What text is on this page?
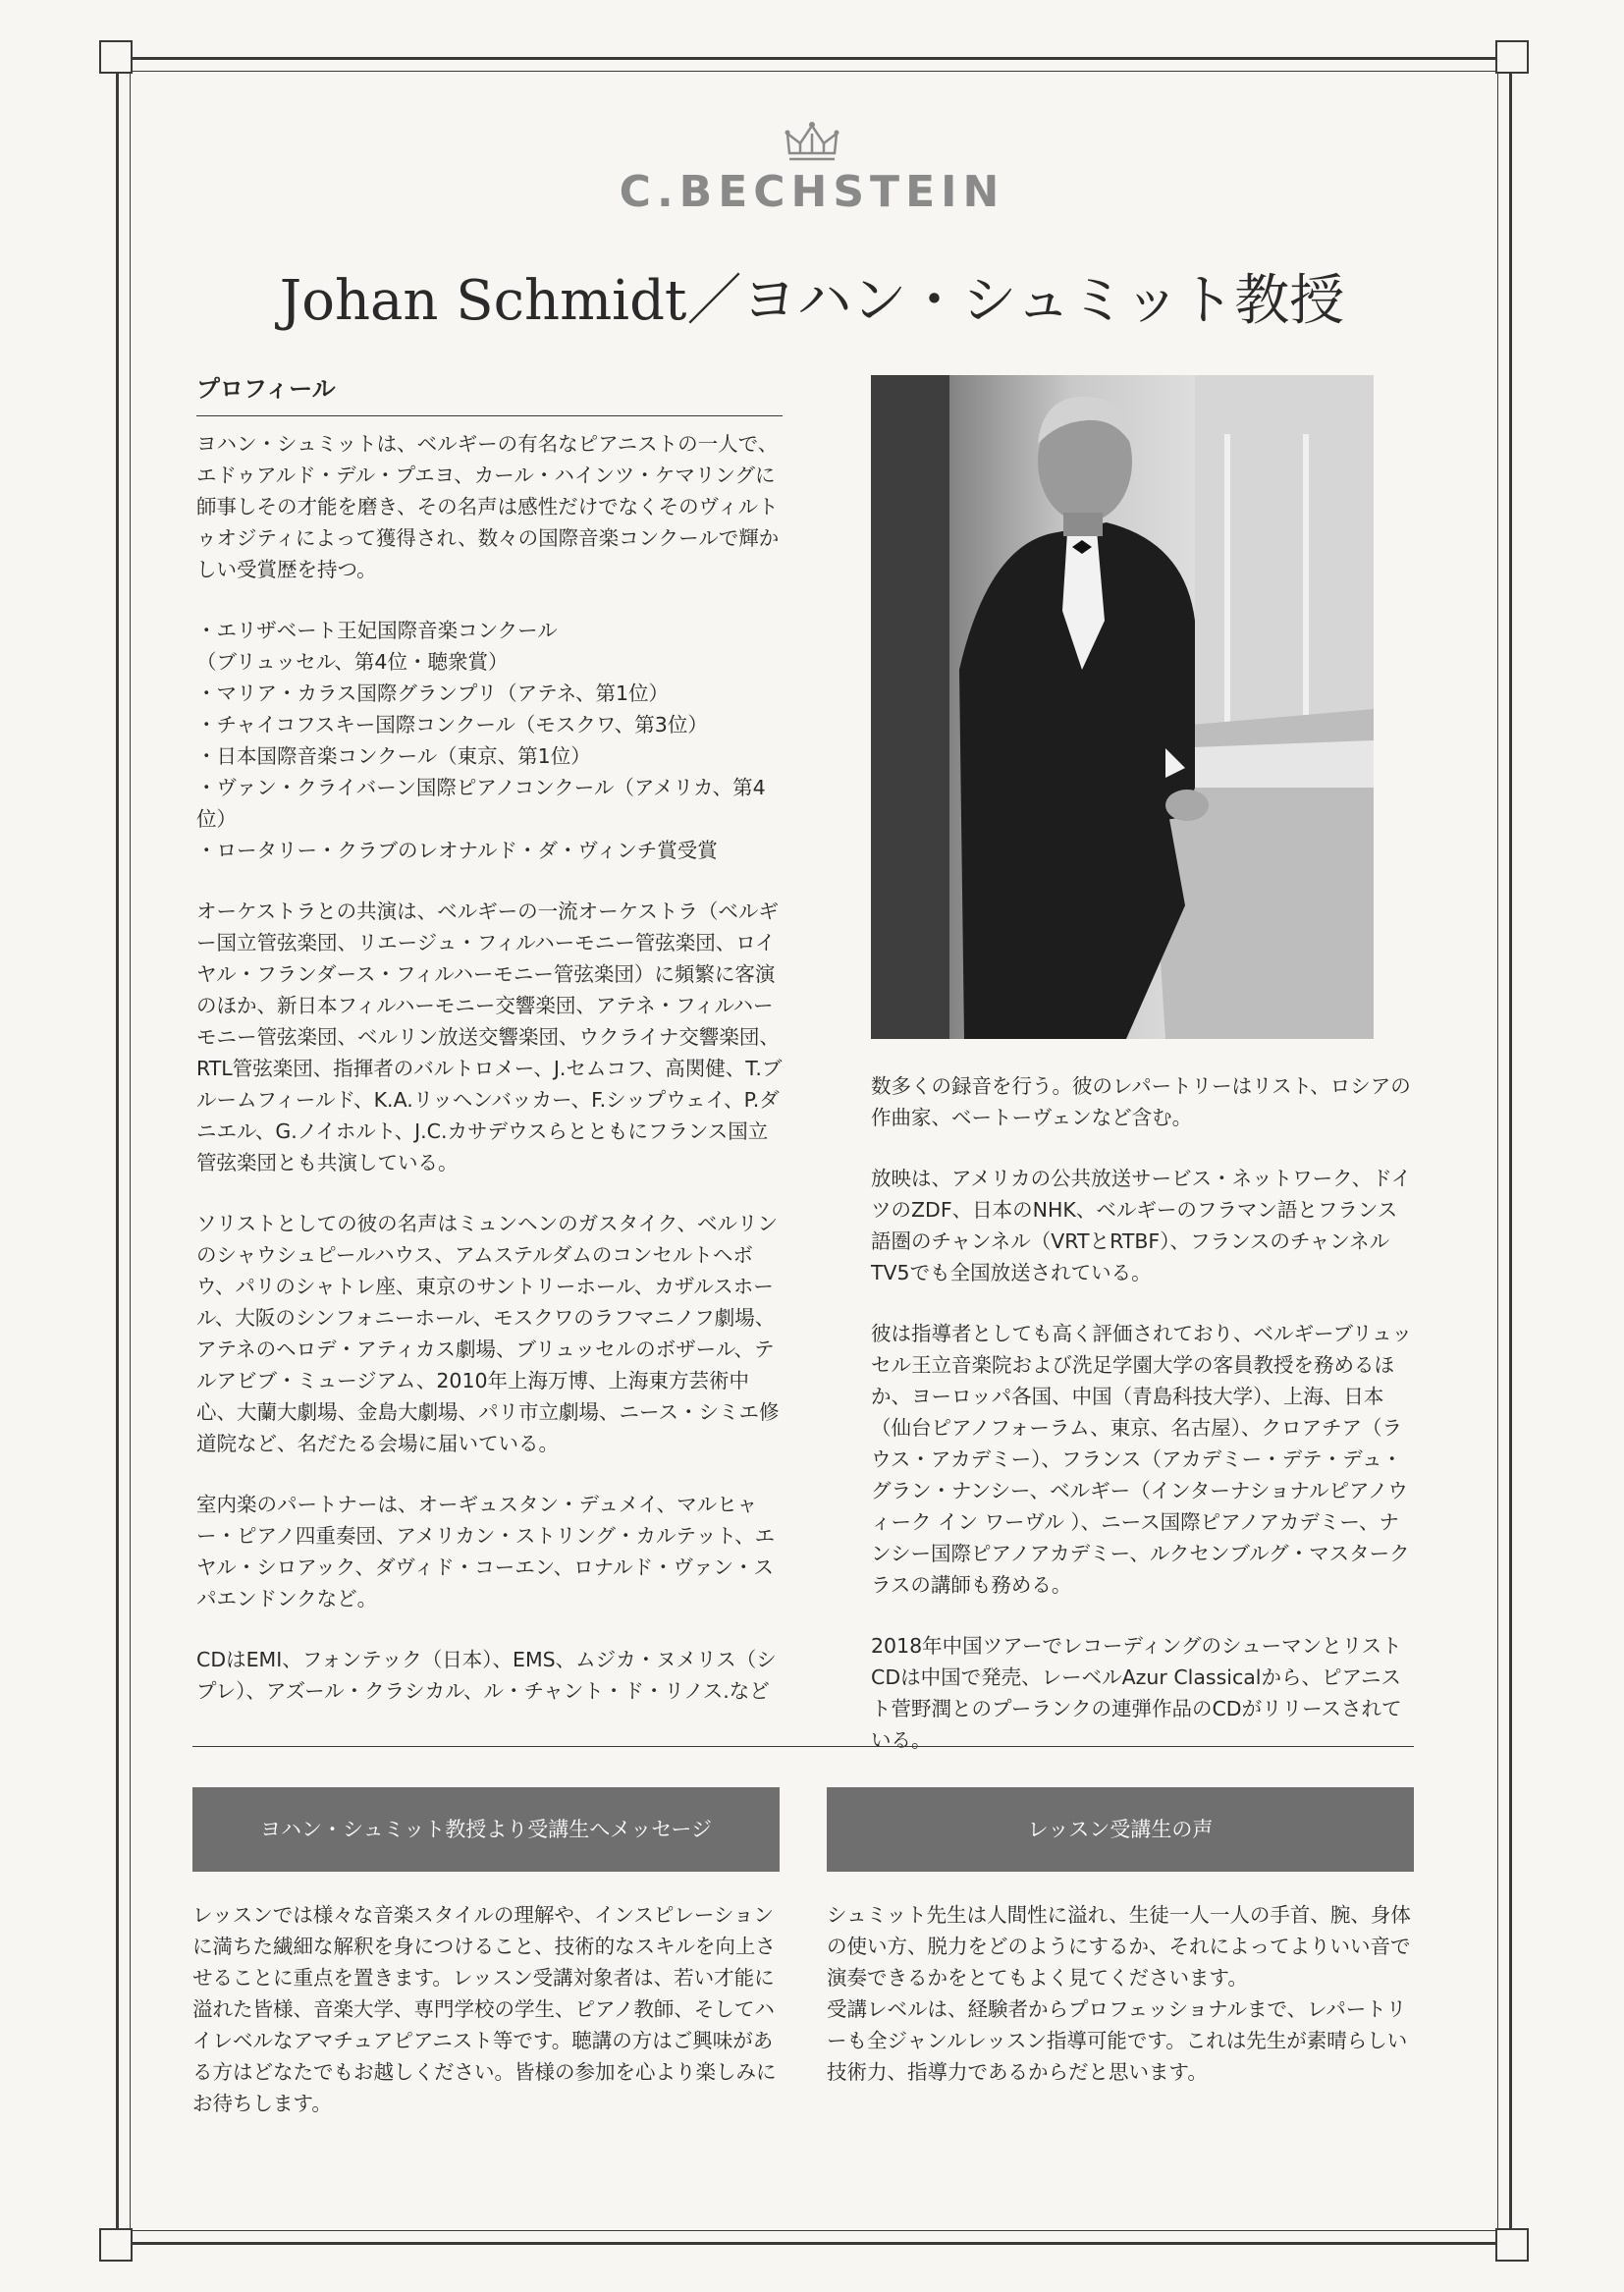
C.BECHSTEIN
Johan Schmidt／ヨハン・シュミット教授
プロフィール

ヨハン・シュミットは、ベルギーの有名なピアニストの一人で、エドゥアルド・デル・プエヨ、カール・ハインツ・ケマリングに師事しその才能を磨き、その名声は感性だけでなくそのヴィルトゥオジティによって獲得され、数々の国際音楽コンクールで輝かしい受賞歴を持つ。

・エリザベート王妃国際音楽コンクール
（ブリュッセル、第4位・聴衆賞）
・マリア・カラス国際グランプリ（アテネ、第1位）
・チャイコフスキー国際コンクール（モスクワ、第3位）
・日本国際音楽コンクール（東京、第1位）
・ヴァン・クライバーン国際ピアノコンクール（アメリカ、第4位）
・ロータリー・クラブのレオナルド・ダ・ヴィンチ賞受賞

オーケストラとの共演は、ベルギーの一流オーケストラ（ベルギー国立管弦楽団、リエージュ・フィルハーモニー管弦楽団、ロイヤル・フランダース・フィルハーモニー管弦楽団）に頻繁に客演のほか、新日本フィルハーモニー交響楽団、アテネ・フィルハーモニー管弦楽団、ベルリン放送交響楽団、ウクライナ交響楽団、RTL管弦楽団、指揮者のバルトロメー、J.セムコフ、高関健、T.ブルームフィールド、K.A.リッヘンバッカー、F.シップウェイ、P.ダニエル、G.ノイホルト、J.C.カサデウスらとともにフランス国立管弦楽団とも共演している。

ソリストとしての彼の名声はミュンヘンのガスタイク、ベルリンのシャウシュピールハウス、アムステルダムのコンセルトヘボウ、パリのシャトレ座、東京のサントリーホール、カザルスホール、大阪のシンフォニーホール、モスクワのラフマニノフ劇場、アテネのヘロデ・アティカス劇場、ブリュッセルのボザール、テルアビブ・ミュージアム、2010年上海万博、上海東方芸術中心、大蘭大劇場、金島大劇場、パリ市立劇場、ニース・シミエ修道院など、名だたる会場に届いている。

室内楽のパートナーは、オーギュスタン・デュメイ、マルヒャー・ピアノ四重奏団、アメリカン・ストリング・カルテット、エヤル・シロアック、ダヴィド・コーエン、ロナルド・ヴァン・スパエンドンクなど。

CDはEMI、フォンテック（日本）、EMS、ムジカ・ヌメリス（シプレ）、アズール・クラシカル、ル・チャント・ド・リノス.など

数多くの録音を行う。彼のレパートリーはリスト、ロシアの作曲家、ベートーヴェンなど含む。

放映は、アメリカの公共放送サービス・ネットワーク、ドイツのZDF、日本のNHK、ベルギーのフラマン語とフランス語圏のチャンネル（VRTとRTBF）、フランスのチャンネルTV5でも全国放送されている。

彼は指導者としても高く評価されており、ベルギーブリュッセル王立音楽院および洗足学園大学の客員教授を務めるほか、ヨーロッパ各国、中国（青島科技大学）、上海、日本（仙台ピアノフォーラム、東京、名古屋）、クロアチア（ラウス・アカデミー）、フランス（アカデミー・デテ・デュ・グラン・ナンシー、ベルギー（インターナショナルピアノウィーク イン ワーヴル ）、ニース国際ピアノアカデミー、ナンシー国際ピアノアカデミー、ルクセンブルグ・マスタークラスの講師も務める。

2018年中国ツアーでレコーディングのシューマンとリストCDは中国で発売、レーベルAzur Classicalから、ピアニスト菅野潤とのプーランクの連弾作品のCDがリリースされている。

ヨハン・シュミット教授より受講生へメッセージ	レッスン受講生の声
レッスンでは様々な音楽スタイルの理解や、インスピレーションに満ちた繊細な解釈を身につけること、技術的なスキルを向上させることに重点を置きます。レッスン受講対象者は、若い才能に溢れた皆様、音楽大学、専門学校の学生、ピアノ教師、そしてハイレベルなアマチュアピアニスト等です。聴講の方はご興味がある方はどなたでもお越しください。皆様の参加を心より楽しみにお待ちします。
シュミット先生は人間性に溢れ、生徒一人一人の手首、腕、身体の使い方、脱力をどのようにするか、それによってよりいい音で演奏できるかをとてもよく見てくださいます。
受講レベルは、経験者からプロフェッショナルまで、レパートリーも全ジャンルレッスン指導可能です。これは先生が素晴らしい技術力、指導力であるからだと思います。
